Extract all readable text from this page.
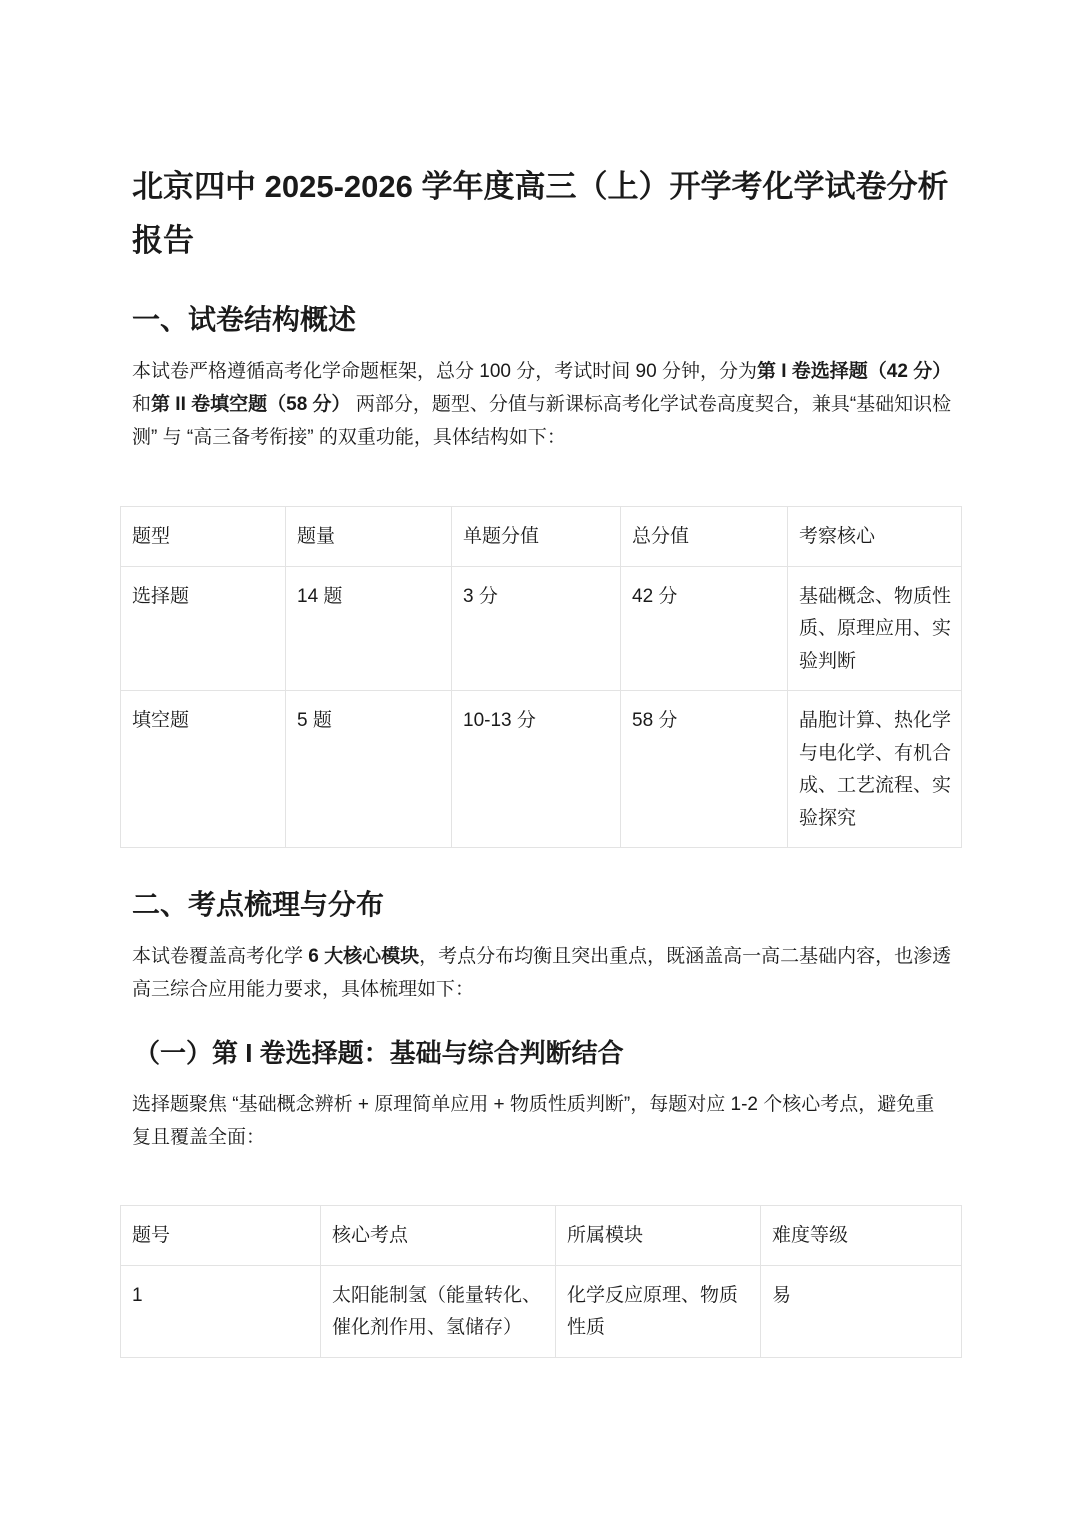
北京四中 2025-2026 学年度高三（上）开学考化学试卷分析报告
一、试卷结构概述

本试卷严格遵循高考化学命题框架，总分 100 分，考试时间 90 分钟，分为第 I 卷选择题（42 分） 和第 II 卷填空题（58 分） 两部分，题型、分值与新课标高考化学试卷高度契合，兼具“基础知识检测” 与 “高三备考衔接” 的双重功能，具体结构如下：

题型	题量	单题分值	总分值	考察核心
选择题	14 题	3 分	42 分	基础概念、物质性质、原理应用、实验判断
填空题	5 题	10-13 分	58 分	晶胞计算、热化学与电化学、有机合成、工艺流程、实验探究
二、考点梳理与分布

本试卷覆盖高考化学 6 大核心模块，考点分布均衡且突出重点，既涵盖高一高二基础内容，也渗透高三综合应用能力要求，具体梳理如下：

（一）第 I 卷选择题：基础与综合判断结合

选择题聚焦 “基础概念辨析 + 原理简单应用 + 物质性质判断”，每题对应 1-2 个核心考点，避免重复且覆盖全面：

题号	核心考点	所属模块	难度等级
1	太阳能制氢（能量转化、催化剂作用、氢储存）	化学反应原理、物质性质	易
